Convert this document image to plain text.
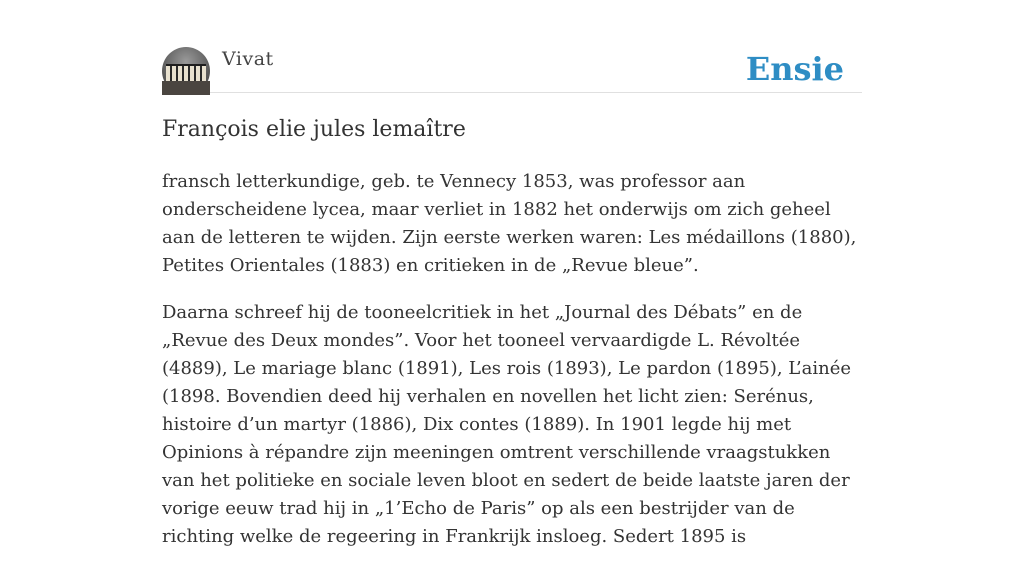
Vivat	Ensie
François elie jules lemaître

fransch letterkundige, geb. te Vennecy 1853, was professor aan onderscheidene lycea, maar verliet in 1882 het onderwijs om zich geheel aan de letteren te wijden. Zijn eerste werken waren: Les médaillons (1880), Petites Orientales (1883) en critieken in de „Revue bleue”.

Daarna schreef hij de tooneelcritiek in het „Journal des Débats” en de „Revue des Deux mondes”. Voor het tooneel vervaardigde L. Révoltée (4889), Le mariage blanc (1891), Les rois (1893), Le pardon (1895), L’ainée (1898. Bovendien deed hij verhalen en novellen het licht zien: Serénus, histoire d’un martyr (1886), Dix contes (1889). In 1901 legde hij met Opinions à répandre zijn meeningen omtrent verschillende vraagstukken van het politieke en sociale leven bloot en sedert de beide laatste jaren der vorige eeuw trad hij in „1’Echo de Paris” op als een bestrijder van de richting welke de regeering in Frankrijk insloeg. Sedert 1895 is
